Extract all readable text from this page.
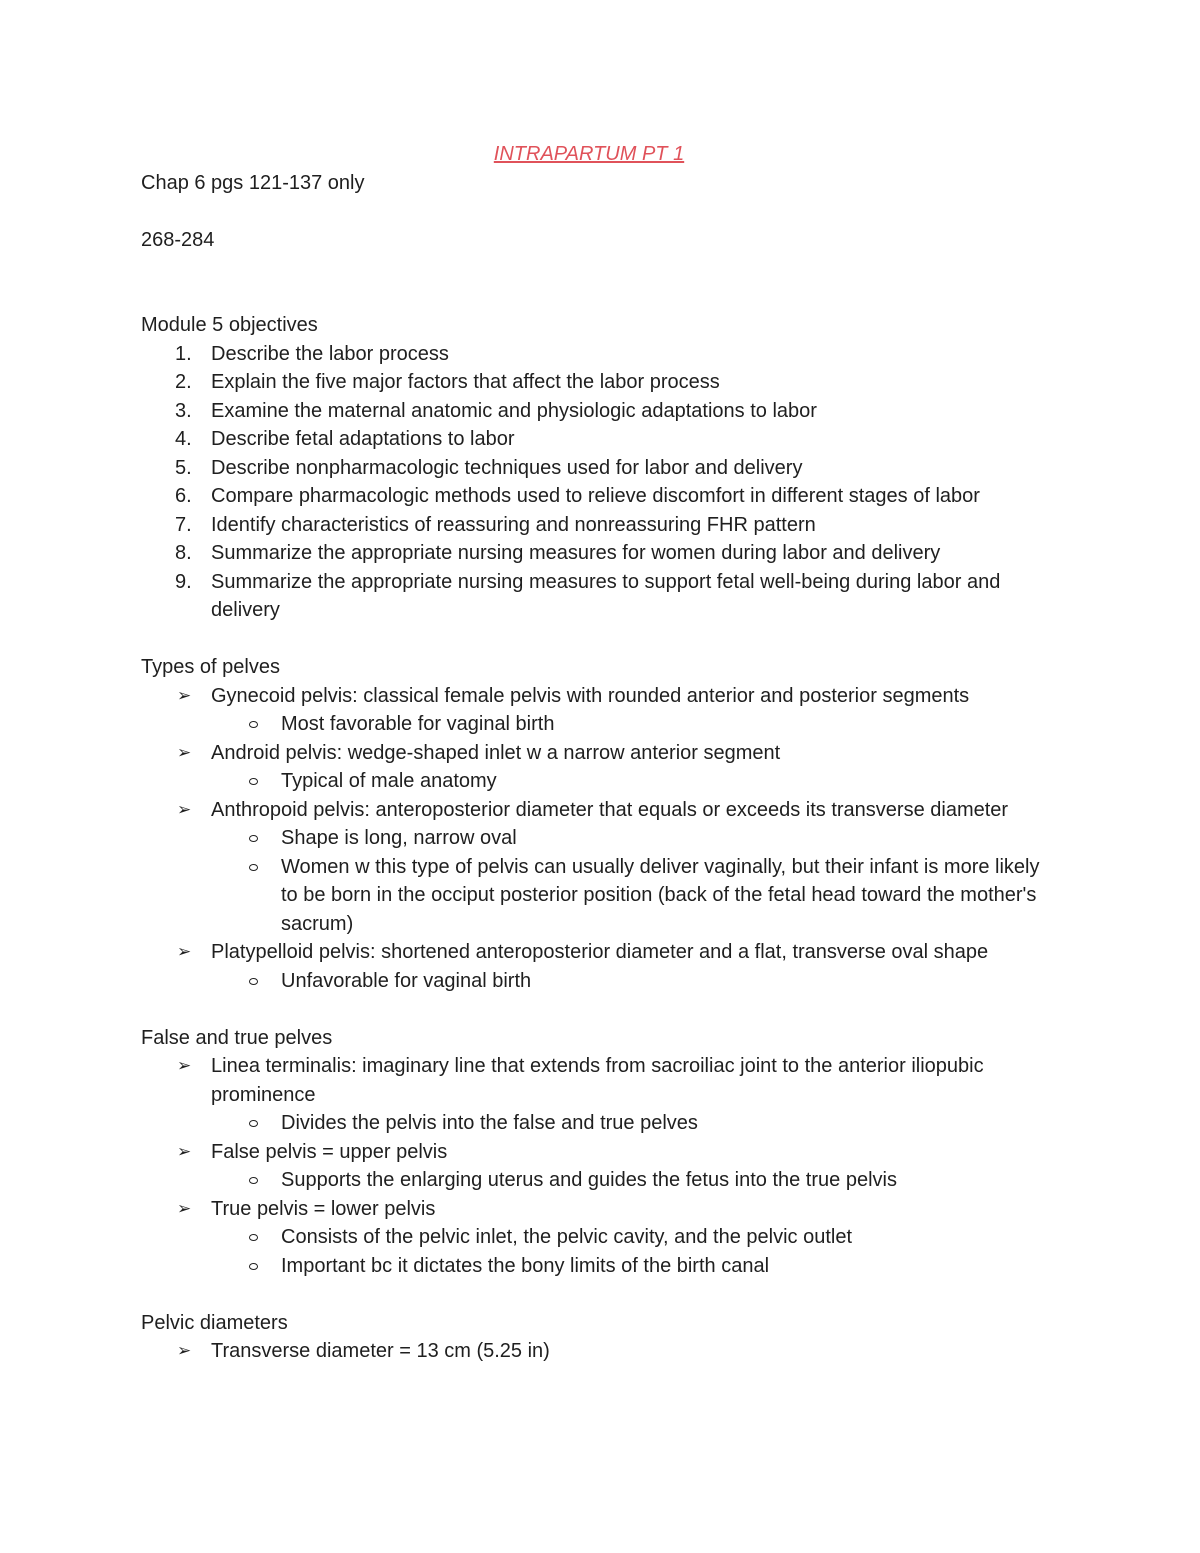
INTRAPARTUM PT 1

Chap 6 pgs 121-137 only

268-284

Module 5 objectives

1. Describe the labor process
2. Explain the five major factors that affect the labor process
3. Examine the maternal anatomic and physiologic adaptations to labor
4. Describe fetal adaptations to labor
5. Describe nonpharmacologic techniques used for labor and delivery
6. Compare pharmacologic methods used to relieve discomfort in different stages of labor
7. Identify characteristics of reassuring and nonreassuring FHR pattern
8. Summarize the appropriate nursing measures for women during labor and delivery
9. Summarize the appropriate nursing measures to support fetal well-being during labor and delivery

Types of pelves

➢ Gynecoid pelvis: classical female pelvis with rounded anterior and posterior segments
Most favorable for vaginal birth
➢ Android pelvis: wedge-shaped inlet w a narrow anterior segment
Typical of male anatomy
➢ Anthropoid pelvis: anteroposterior diameter that equals or exceeds its transverse diameter
Shape is long, narrow oval
Women w this type of pelvis can usually deliver vaginally, but their infant is more likely to be born in the occiput posterior position (back of the fetal head toward the mother's sacrum)
➢ Platypelloid pelvis: shortened anteroposterior diameter and a flat, transverse oval shape
Unfavorable for vaginal birth

False and true pelves

➢ Linea terminalis: imaginary line that extends from sacroiliac joint to the anterior iliopubic prominence
Divides the pelvis into the false and true pelves
➢ False pelvis = upper pelvis
Supports the enlarging uterus and guides the fetus into the true pelvis
➢ True pelvis = lower pelvis
Consists of the pelvic inlet, the pelvic cavity, and the pelvic outlet
Important bc it dictates the bony limits of the birth canal

Pelvic diameters

➢ Transverse diameter = 13 cm (5.25 in)
